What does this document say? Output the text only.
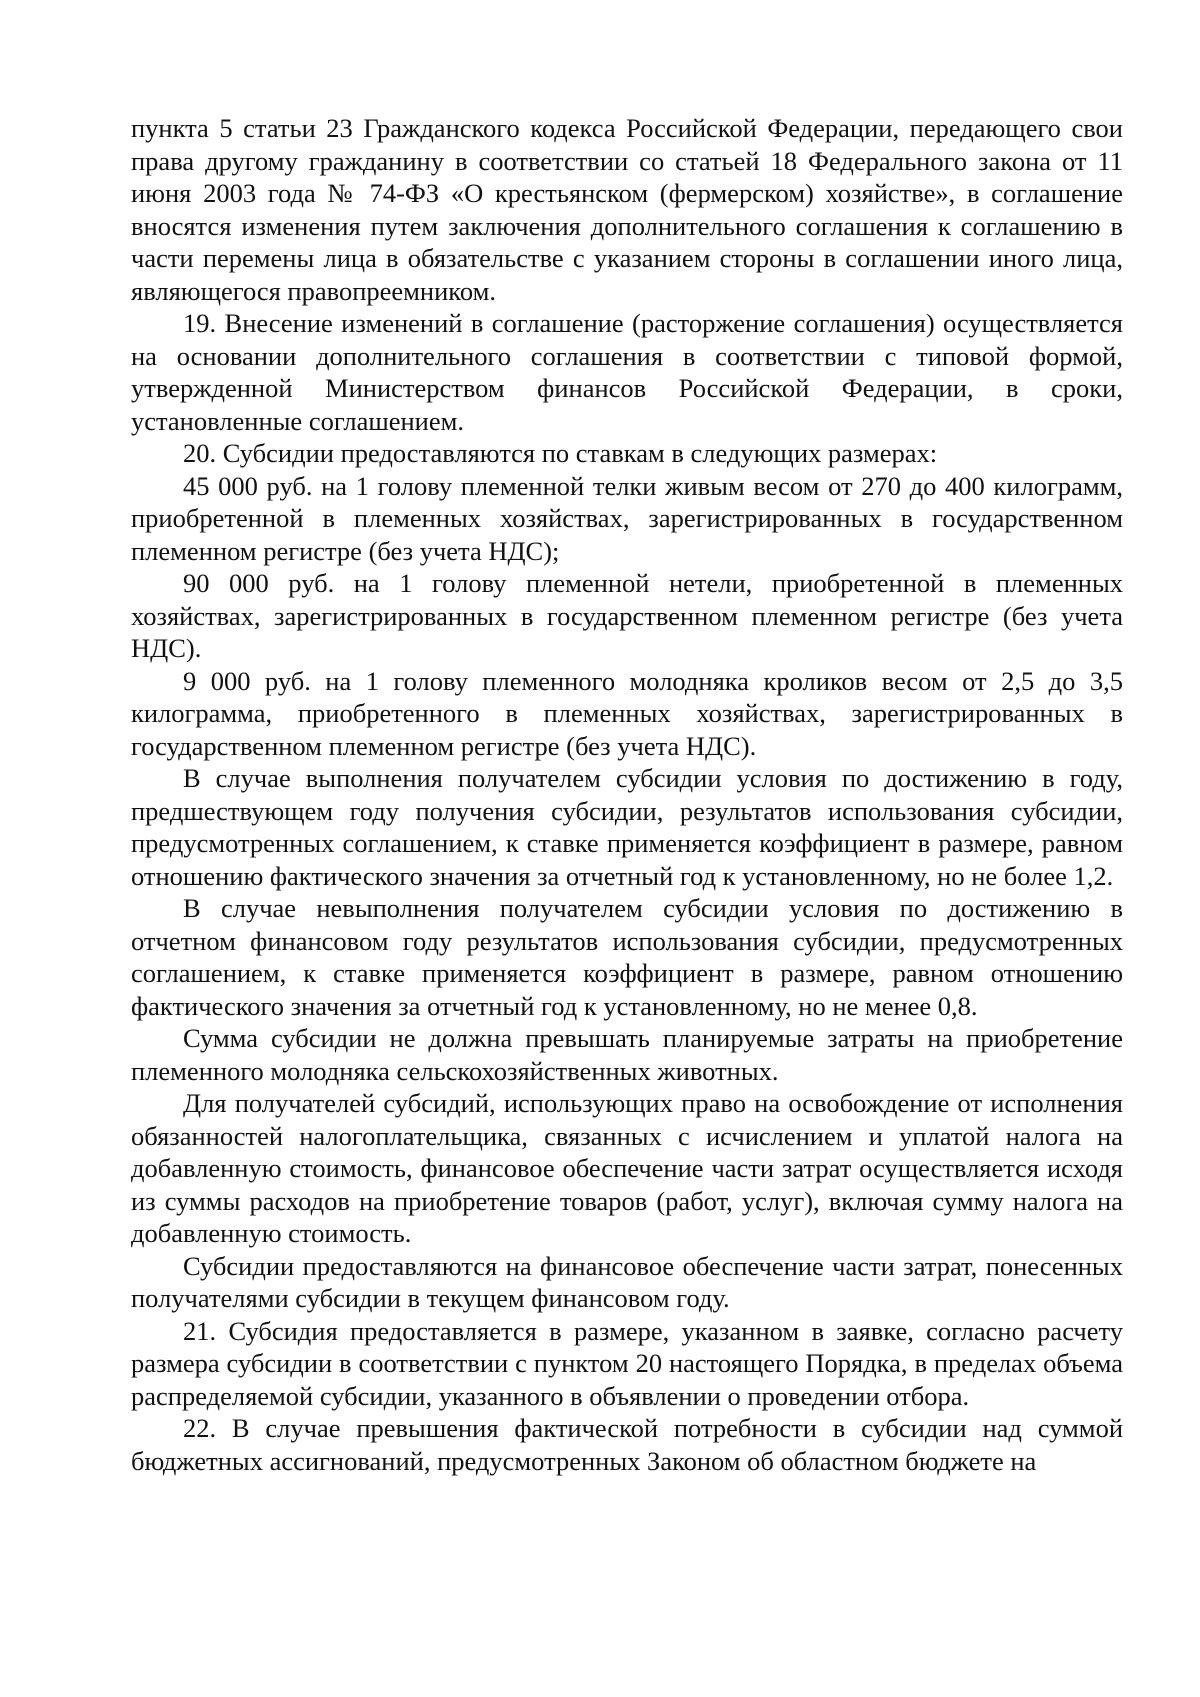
пункта 5 статьи 23 Гражданского кодекса Российской Федерации, передающего свои права другому гражданину в соответствии со статьей 18 Федерального закона от 11 июня 2003 года № 74-ФЗ «О крестьянском (фермерском) хозяйстве», в соглашение вносятся изменения путем заключения дополнительного соглашения к соглашению в части перемены лица в обязательстве с указанием стороны в соглашении иного лица, являющегося правопреемником.

19. Внесение изменений в соглашение (расторжение соглашения) осуществляется на основании дополнительного соглашения в соответствии с типовой формой, утвержденной Министерством финансов Российской Федерации, в сроки, установленные соглашением.

20. Субсидии предоставляются по ставкам в следующих размерах:

45 000 руб. на 1 голову племенной телки живым весом от 270 до 400 килограмм, приобретенной в племенных хозяйствах, зарегистрированных в государственном племенном регистре (без учета НДС);

90 000 руб. на 1 голову племенной нетели, приобретенной в племенных хозяйствах, зарегистрированных в государственном племенном регистре (без учета НДС).

9 000 руб. на 1 голову племенного молодняка кроликов весом от 2,5 до 3,5 килограмма, приобретенного в племенных хозяйствах, зарегистрированных в государственном племенном регистре (без учета НДС).

В случае выполнения получателем субсидии условия по достижению в году, предшествующем году получения субсидии, результатов использования субсидии, предусмотренных соглашением, к ставке применяется коэффициент в размере, равном отношению фактического значения за отчетный год к установленному, но не более 1,2.

В случае невыполнения получателем субсидии условия по достижению в отчетном финансовом году результатов использования субсидии, предусмотренных соглашением, к ставке применяется коэффициент в размере, равном отношению фактического значения за отчетный год к установленному, но не менее 0,8.

Сумма субсидии не должна превышать планируемые затраты на приобретение племенного молодняка сельскохозяйственных животных.

Для получателей субсидий, использующих право на освобождение от исполнения обязанностей налогоплательщика, связанных с исчислением и уплатой налога на добавленную стоимость, финансовое обеспечение части затрат осуществляется исходя из суммы расходов на приобретение товаров (работ, услуг), включая сумму налога на добавленную стоимость.

Субсидии предоставляются на финансовое обеспечение части затрат, понесенных получателями субсидии в текущем финансовом году.

21. Субсидия предоставляется в размере, указанном в заявке, согласно расчету размера субсидии в соответствии с пунктом 20 настоящего Порядка, в пределах объема распределяемой субсидии, указанного в объявлении о проведении отбора.

22. В случае превышения фактической потребности в субсидии над суммой бюджетных ассигнований, предусмотренных Законом об областном бюджете на
